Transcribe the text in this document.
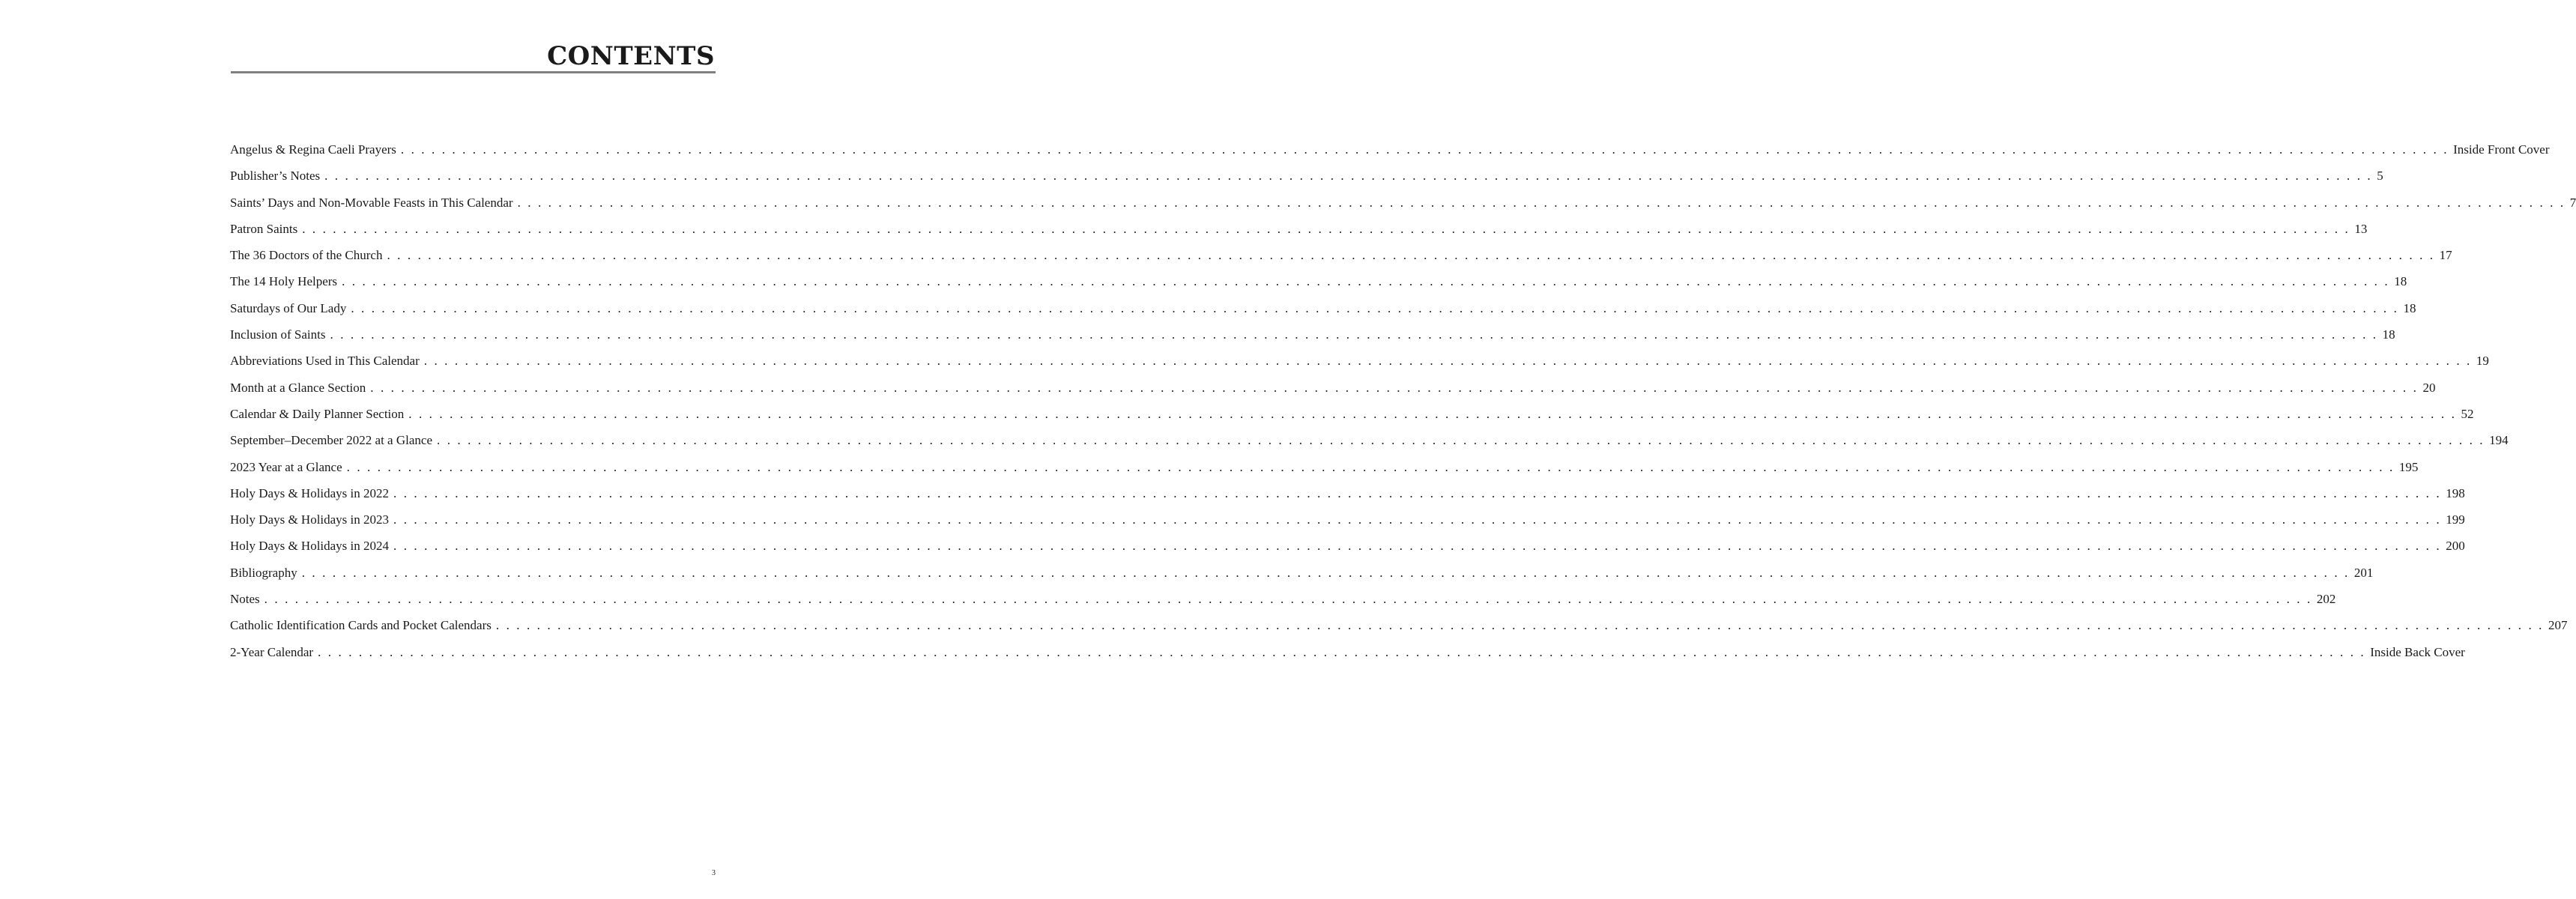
CONTENTS
Angelus & Regina Caeli Prayers . . . . . . . . . . . . . . . . . . . . . . . . . . . . . . . . . . . . . . . . . . . . . . . . . . . . . . . . . . . . . . . . . . . . . . . . . . . . . . . . . . . . . . . . . . . . . . . . . . . . . . . . . . . . . . . . . . . . . . . . . . . . . . . . . . . . . . . . . . . . . . . . . . . . . . . . . . . . . . . . . . . . . . . . . . . . . . . . . . . . . . . . . . . . . . . . . . . . . . . . Inside Front Cover
Publisher’s Notes . . . . . . . . . . . . . . . . . . . . . . . . . . . . . . . . . . . . . . . . . . . . . . . . . . . . . . . . . . . . . . . . . . . . . . . . . . . . . . . . . . . . . . . . . . . . . . . . . . . . . . . . . . . . . . . . . . . . . . . . . . . . . . . . . . . . . . . . . . . . . . . . . . . . . . . . . . . . . . . . . . . . . . . . . . . . . . . . . . . . . . . . . . . . . . . . . . . . . . . . 5
Saints’ Days and Non-Movable Feasts in This Calendar . . . . . . . . . . . . . . . . . . . . . . . . . . . . . . . . . . . . . . . . . . . . . . . . . . . . . . . . . . . . . . . . . . . . . . . . . . . . . . . . . . . . . . . . . . . . . . . . . . . . . . . . . . . . . . . . . . . . . . . . . . . . . . . . . . . . . . . . . . . . . . . . . . . . . . . . . . . . . . . . . . . . . . . . . . . . . . . . . . . . . . . . . . . . . . . . . . . . . . . . 7
Patron Saints . . . . . . . . . . . . . . . . . . . . . . . . . . . . . . . . . . . . . . . . . . . . . . . . . . . . . . . . . . . . . . . . . . . . . . . . . . . . . . . . . . . . . . . . . . . . . . . . . . . . . . . . . . . . . . . . . . . . . . . . . . . . . . . . . . . . . . . . . . . . . . . . . . . . . . . . . . . . . . . . . . . . . . . . . . . . . . . . . . . . . . . . . . . . . . . . . . . . . . . . 13
The 36 Doctors of the Church . . . . . . . . . . . . . . . . . . . . . . . . . . . . . . . . . . . . . . . . . . . . . . . . . . . . . . . . . . . . . . . . . . . . . . . . . . . . . . . . . . . . . . . . . . . . . . . . . . . . . . . . . . . . . . . . . . . . . . . . . . . . . . . . . . . . . . . . . . . . . . . . . . . . . . . . . . . . . . . . . . . . . . . . . . . . . . . . . . . . . . . . . . . . . . . . . . . . . . . . 17
The 14 Holy Helpers . . . . . . . . . . . . . . . . . . . . . . . . . . . . . . . . . . . . . . . . . . . . . . . . . . . . . . . . . . . . . . . . . . . . . . . . . . . . . . . . . . . . . . . . . . . . . . . . . . . . . . . . . . . . . . . . . . . . . . . . . . . . . . . . . . . . . . . . . . . . . . . . . . . . . . . . . . . . . . . . . . . . . . . . . . . . . . . . . . . . . . . . . . . . . . . . . . . . . . . . 18
Saturdays of Our Lady . . . . . . . . . . . . . . . . . . . . . . . . . . . . . . . . . . . . . . . . . . . . . . . . . . . . . . . . . . . . . . . . . . . . . . . . . . . . . . . . . . . . . . . . . . . . . . . . . . . . . . . . . . . . . . . . . . . . . . . . . . . . . . . . . . . . . . . . . . . . . . . . . . . . . . . . . . . . . . . . . . . . . . . . . . . . . . . . . . . . . . . . . . . . . . . . . . . . . . . . 18
Inclusion of Saints . . . . . . . . . . . . . . . . . . . . . . . . . . . . . . . . . . . . . . . . . . . . . . . . . . . . . . . . . . . . . . . . . . . . . . . . . . . . . . . . . . . . . . . . . . . . . . . . . . . . . . . . . . . . . . . . . . . . . . . . . . . . . . . . . . . . . . . . . . . . . . . . . . . . . . . . . . . . . . . . . . . . . . . . . . . . . . . . . . . . . . . . . . . . . . . . . . . . . . . . 18
Abbreviations Used in This Calendar . . . . . . . . . . . . . . . . . . . . . . . . . . . . . . . . . . . . . . . . . . . . . . . . . . . . . . . . . . . . . . . . . . . . . . . . . . . . . . . . . . . . . . . . . . . . . . . . . . . . . . . . . . . . . . . . . . . . . . . . . . . . . . . . . . . . . . . . . . . . . . . . . . . . . . . . . . . . . . . . . . . . . . . . . . . . . . . . . . . . . . . . . . . . . . . . . . . . . . . . 19
Month at a Glance Section . . . . . . . . . . . . . . . . . . . . . . . . . . . . . . . . . . . . . . . . . . . . . . . . . . . . . . . . . . . . . . . . . . . . . . . . . . . . . . . . . . . . . . . . . . . . . . . . . . . . . . . . . . . . . . . . . . . . . . . . . . . . . . . . . . . . . . . . . . . . . . . . . . . . . . . . . . . . . . . . . . . . . . . . . . . . . . . . . . . . . . . . . . . . . . . . . . . . . . . . 20
Calendar & Daily Planner Section . . . . . . . . . . . . . . . . . . . . . . . . . . . . . . . . . . . . . . . . . . . . . . . . . . . . . . . . . . . . . . . . . . . . . . . . . . . . . . . . . . . . . . . . . . . . . . . . . . . . . . . . . . . . . . . . . . . . . . . . . . . . . . . . . . . . . . . . . . . . . . . . . . . . . . . . . . . . . . . . . . . . . . . . . . . . . . . . . . . . . . . . . . . . . . . . . . . . . . . . 52
September–December 2022 at a Glance . . . . . . . . . . . . . . . . . . . . . . . . . . . . . . . . . . . . . . . . . . . . . . . . . . . . . . . . . . . . . . . . . . . . . . . . . . . . . . . . . . . . . . . . . . . . . . . . . . . . . . . . . . . . . . . . . . . . . . . . . . . . . . . . . . . . . . . . . . . . . . . . . . . . . . . . . . . . . . . . . . . . . . . . . . . . . . . . . . . . . . . . . . . . . . . . . . . . . . . . 194
2023 Year at a Glance . . . . . . . . . . . . . . . . . . . . . . . . . . . . . . . . . . . . . . . . . . . . . . . . . . . . . . . . . . . . . . . . . . . . . . . . . . . . . . . . . . . . . . . . . . . . . . . . . . . . . . . . . . . . . . . . . . . . . . . . . . . . . . . . . . . . . . . . . . . . . . . . . . . . . . . . . . . . . . . . . . . . . . . . . . . . . . . . . . . . . . . . . . . . . . . . . . . . . . . . 195
Holy Days & Holidays in 2022 . . . . . . . . . . . . . . . . . . . . . . . . . . . . . . . . . . . . . . . . . . . . . . . . . . . . . . . . . . . . . . . . . . . . . . . . . . . . . . . . . . . . . . . . . . . . . . . . . . . . . . . . . . . . . . . . . . . . . . . . . . . . . . . . . . . . . . . . . . . . . . . . . . . . . . . . . . . . . . . . . . . . . . . . . . . . . . . . . . . . . . . . . . . . . . . . . . . . . . . . 198
Holy Days & Holidays in 2023 . . . . . . . . . . . . . . . . . . . . . . . . . . . . . . . . . . . . . . . . . . . . . . . . . . . . . . . . . . . . . . . . . . . . . . . . . . . . . . . . . . . . . . . . . . . . . . . . . . . . . . . . . . . . . . . . . . . . . . . . . . . . . . . . . . . . . . . . . . . . . . . . . . . . . . . . . . . . . . . . . . . . . . . . . . . . . . . . . . . . . . . . . . . . . . . . . . . . . . . . 199
Holy Days & Holidays in 2024 . . . . . . . . . . . . . . . . . . . . . . . . . . . . . . . . . . . . . . . . . . . . . . . . . . . . . . . . . . . . . . . . . . . . . . . . . . . . . . . . . . . . . . . . . . . . . . . . . . . . . . . . . . . . . . . . . . . . . . . . . . . . . . . . . . . . . . . . . . . . . . . . . . . . . . . . . . . . . . . . . . . . . . . . . . . . . . . . . . . . . . . . . . . . . . . . . . . . . . . . 200
Bibliography . . . . . . . . . . . . . . . . . . . . . . . . . . . . . . . . . . . . . . . . . . . . . . . . . . . . . . . . . . . . . . . . . . . . . . . . . . . . . . . . . . . . . . . . . . . . . . . . . . . . . . . . . . . . . . . . . . . . . . . . . . . . . . . . . . . . . . . . . . . . . . . . . . . . . . . . . . . . . . . . . . . . . . . . . . . . . . . . . . . . . . . . . . . . . . . . . . . . . . . . 201
Notes . . . . . . . . . . . . . . . . . . . . . . . . . . . . . . . . . . . . . . . . . . . . . . . . . . . . . . . . . . . . . . . . . . . . . . . . . . . . . . . . . . . . . . . . . . . . . . . . . . . . . . . . . . . . . . . . . . . . . . . . . . . . . . . . . . . . . . . . . . . . . . . . . . . . . . . . . . . . . . . . . . . . . . . . . . . . . . . . . . . . . . . . . . . . . . . . . . . . . . . . 202
Catholic Identification Cards and Pocket Calendars . . . . . . . . . . . . . . . . . . . . . . . . . . . . . . . . . . . . . . . . . . . . . . . . . . . . . . . . . . . . . . . . . . . . . . . . . . . . . . . . . . . . . . . . . . . . . . . . . . . . . . . . . . . . . . . . . . . . . . . . . . . . . . . . . . . . . . . . . . . . . . . . . . . . . . . . . . . . . . . . . . . . . . . . . . . . . . . . . . . . . . . . . . . . . . . . . . . . . . . . 207
2-Year Calendar . . . . . . . . . . . . . . . . . . . . . . . . . . . . . . . . . . . . . . . . . . . . . . . . . . . . . . . . . . . . . . . . . . . . . . . . . . . . . . . . . . . . . . . . . . . . . . . . . . . . . . . . . . . . . . . . . . . . . . . . . . . . . . . . . . . . . . . . . . . . . . . . . . . . . . . . . . . . . . . . . . . . . . . . . . . . . . . . . . . . . . . . . . . . . . . . . . . . . . . . Inside Back Cover
3
